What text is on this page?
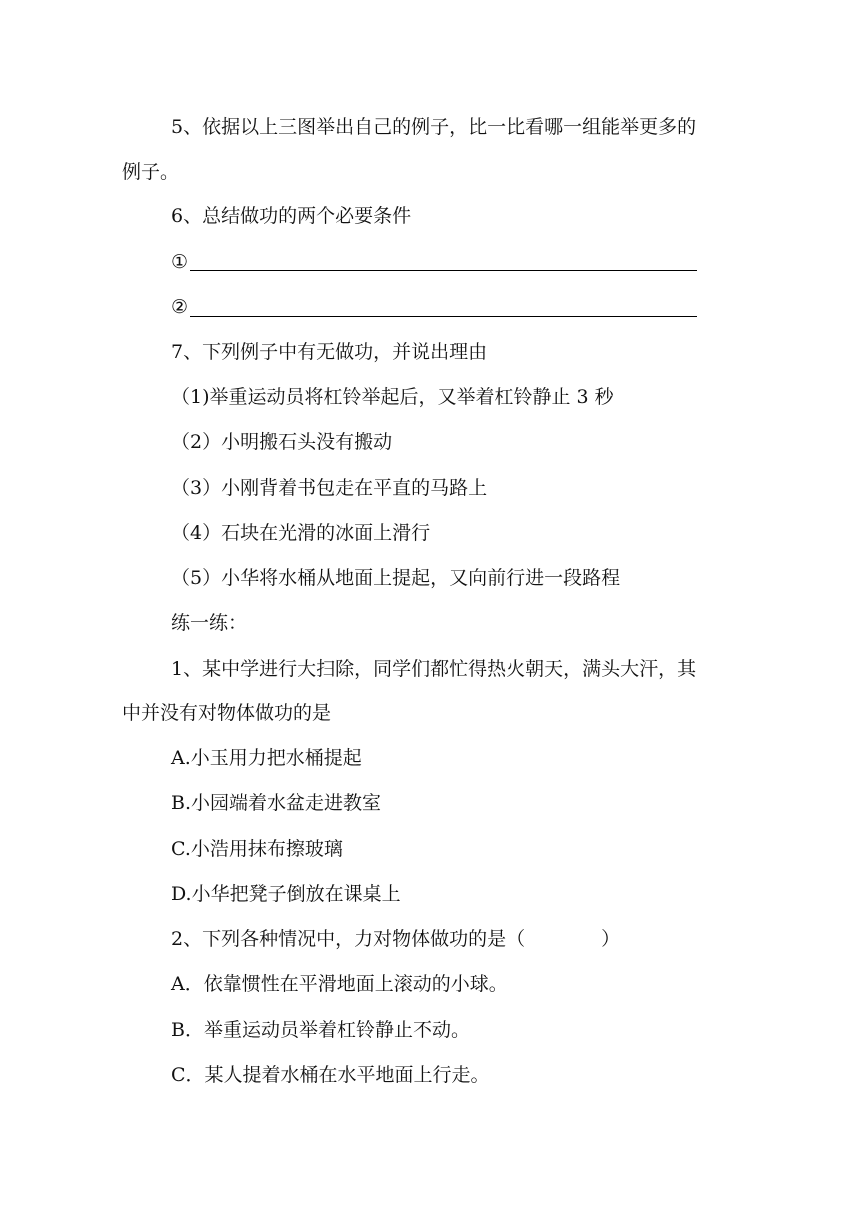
5、依据以上三图举出自己的例子，比一比看哪一组能举更多的
例子。
6、总结做功的两个必要条件
①
②
7、下列例子中有无做功，并说出理由
（1)举重运动员将杠铃举起后，又举着杠铃静止 3 秒
（2）小明搬石头没有搬动
（3）小刚背着书包走在平直的马路上
（4）石块在光滑的冰面上滑行
（5）小华将水桶从地面上提起，又向前行进一段路程
练一练：
1、某中学进行大扫除，同学们都忙得热火朝天，满头大汗，其
中并没有对物体做功的是
A.小玉用力把水桶提起
B.小园端着水盆走进教室
C.小浩用抹布擦玻璃
D.小华把凳子倒放在课桌上
2、下列各种情况中，力对物体做功的是（　　　　）
A．依靠惯性在平滑地面上滚动的小球。
B．举重运动员举着杠铃静止不动。
C．某人提着水桶在水平地面上行走。
